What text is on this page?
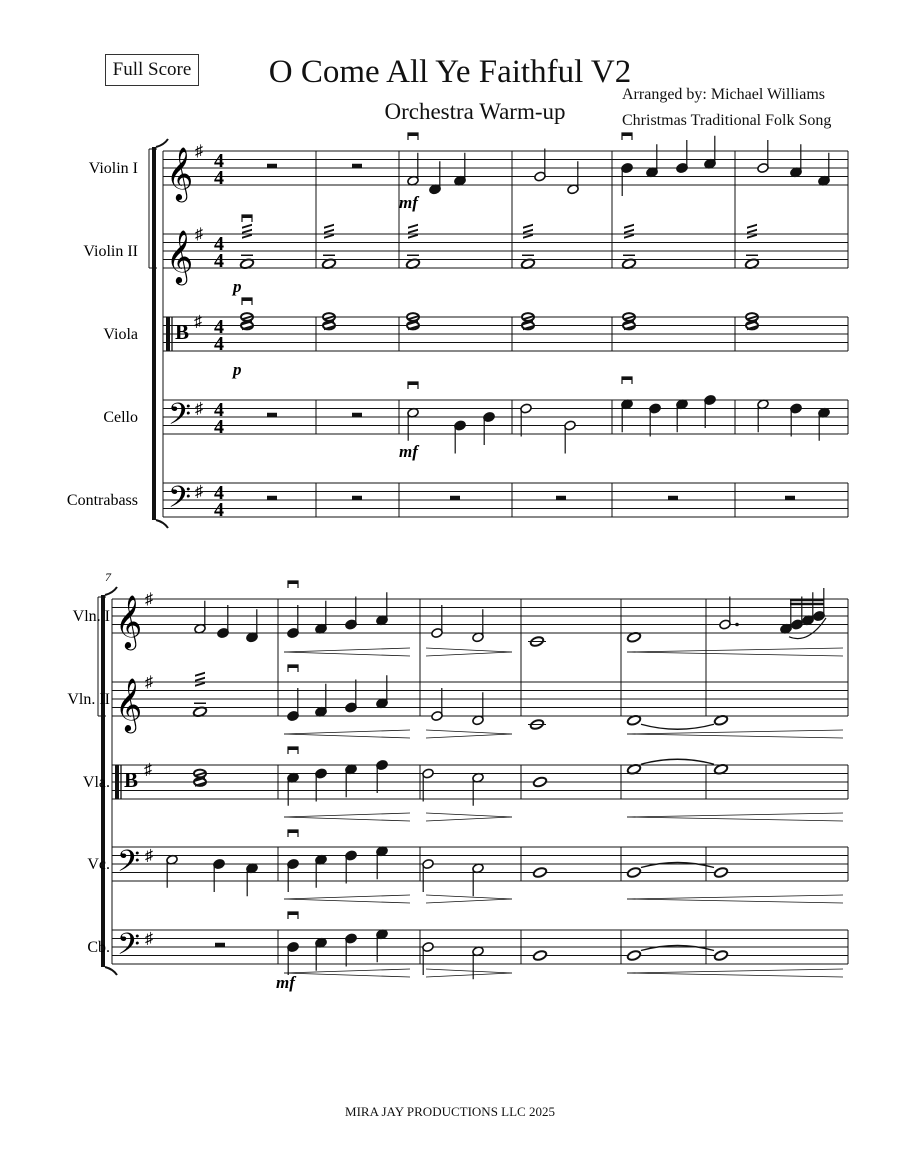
Full Score	O Come All Ye Faithful V2
Orchestra Warm-up
Arranged by: Michael Williams
Christmas Traditional Folk Song
𝄞
𝄞
B
𝄢
𝄢
♯
♯
♯
♯
♯
4
4
4
4
4
4
4
4
4
4
𝄞
𝄞
B
𝄢
𝄢
♯
♯
♯
♯
♯
Violin I
Violin II
Viola
Cello
Contrabass
Vln. I
Vln. II
Vla.
Vc.
Cb.
7
mf
p
p
mf
mf
MIRA JAY PRODUCTIONS LLC 2025
